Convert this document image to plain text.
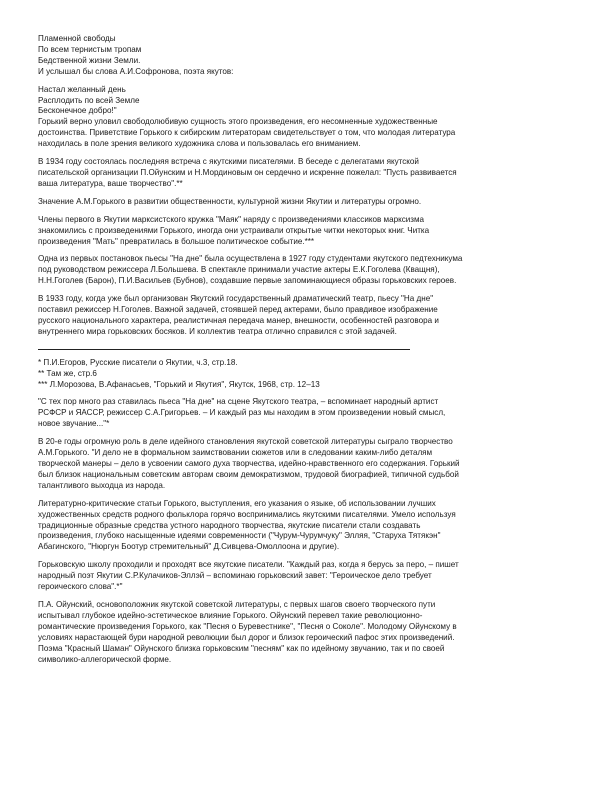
Пламенной свободы

По всем тернистым тропам

Бедственной жизни Земли.

И услышал бы слова А.И.Софронова, поэта якутов:

Настал желанный день

Расплодить по всей Земле

Бесконечное добро!"

Горький верно уловил свободолюбивую сущность этого произведения, его несомненные художественные

достоинства. Приветствие Горького к сибирским литераторам свидетельствует о том, что молодая литература

находилась в поле зрения великого художника слова и пользовалась его вниманием.

В 1934 году состоялась последняя встреча с якутскими писателями. В беседе с делегатами якутской

писательской организации П.Ойунским и Н.Мординовым он сердечно и искренне пожелал: "Пусть развивается

ваша литература, ваше творчество".**

Значение А.М.Горького в развитии общественности, культурной жизни Якутии и литературы огромно.

Члены первого в Якутии марксистского кружка "Маяк" наряду с произведениями классиков марксизма

знакомились с произведениями Горького, иногда они устраивали открытые читки некоторых книг. Читка

произведения "Мать" превратилась в большое политическое событие.***

Одна из первых постановок пьесы "На дне" была осуществлена в 1927 году студентами якутского педтехникума

под руководством режиссера Л.Большева. В спектакле принимали участие актеры Е.К.Гоголева (Кващня),

Н.Н.Гоголев (Барон), П.И.Васильев (Бубнов), создавшие первые запоминающиеся образы горьковских героев.

В 1933 году, когда уже был организован Якутский государственный драматический театр, пьесу "На дне"

поставил режиссер Н.Гоголев. Важной задачей, стоявшей перед актерами, было правдивое изображение

русского национального характера, реалистичная передача манер, внешности, особенностей разговора и

внутреннего мира горьковских босяков. И коллектив театра отлично справился с этой задачей.

* П.И.Егоров, Русские писатели о Якутии, ч.3, стр.18.

** Там же, стр.6

*** Л.Морозова, В.Афанасьев, "Горький и Якутия", Якутск, 1968, стр. 12–13

"С тех пор много раз ставилась пьеса "На дне" на сцене Якутского театра, – вспоминает народный артист

РСФСР и ЯАССР, режиссер С.А.Григорьев. – И каждый раз мы находим в этом произведении новый смысл,

новое звучание..."*

В 20-е годы огромную роль в деле идейного становления якутской советской литературы сыграло творчество

А.М.Горького. "И дело не в формальном заимствовании сюжетов или в следовании каким-либо деталям

творческой манеры – дело в усвоении самого духа творчества, идейно-нравственного его содержания. Горький

был близок национальным советским авторам своим демократизмом, трудовой биографией, типичной судьбой

талантливого выходца из народа.

Литературно-критические статьи Горького, выступления, его указания о языке, об использовании лучших

художественных средств родного фольклора горячо воспринимались якутскими писателями. Умело используя

традиционные образные средства устного народного творчества, якутские писатели стали создавать

произведения, глубоко насыщенные идеями современности ("Чурум-Чурумчуку" Элляя, "Старуха Тятякэн"

Абагинского, "Нюргун Боотур стремительный" Д.Сивцева-Омоллоона и другие).

Горьковскую школу проходили и проходят все якутские писатели. "Каждый раз, когда я берусь за перо, – пишет

народный поэт Якутии С.Р.Кулачиков-Эллэй – вспоминаю горьковский завет: "Героическое дело требует

героического слова".*"

П.А. Ойунский, основоположник якутской советской литературы, с первых шагов своего творческого пути

испытывал глубокое идейно-эстетическое влияние Горького. Ойунский перевел такие революционно-

романтические произведения Горького, как "Песня о Буревестнике", "Песня о Соколе". Молодому Ойунскому в

условиях нарастающей бури народной революции был дорог и близок героический пафос этих произведений.

Поэма "Красный Шаман" Ойунского близка горьковским "песням" как по идейному звучанию, так и по своей

символико-аллегорической форме.
